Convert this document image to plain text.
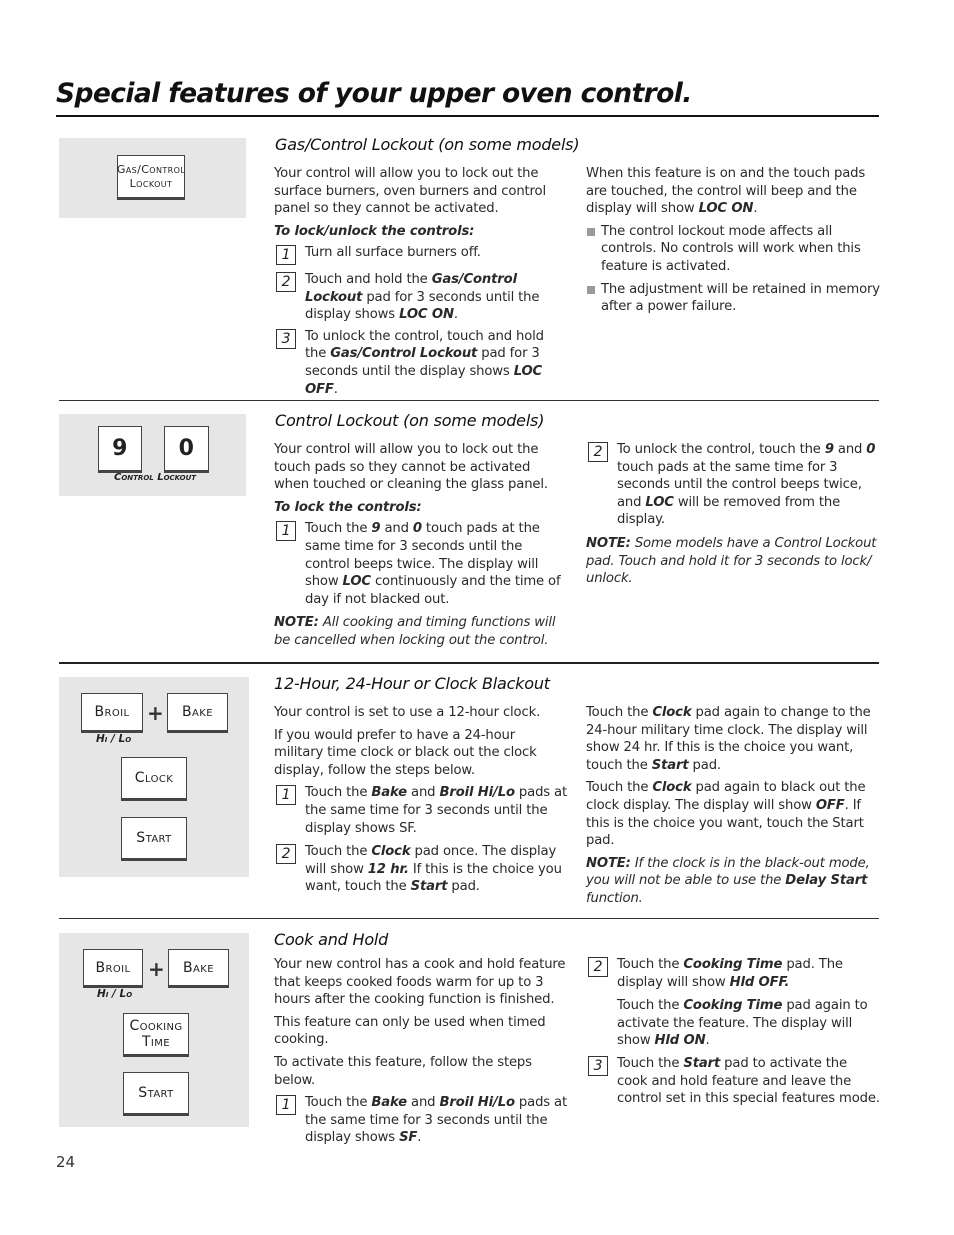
Special features of your upper oven control.
Gas/Control
Lockout
Gas/Control Lockout (on some models)

Your control will allow you to lock out the surface burners, oven burners and control panel so they cannot be activated.

To lock/unlock the controls:

1	Turn all surface burners off.
2	Touch and hold the Gas/Control Lockout pad for 3 seconds until the display shows LOC ON.
3	To unlock the control, touch and hold the Gas/Control Lockout pad for 3 seconds until the display shows LOC OFF.

When this feature is on and the touch pads are touched, the control will beep and the display will show LOC ON.

The control lockout mode affects all controls. No controls will work when this feature is activated.
The adjustment will be retained in memory after a power failure.
9	0
Control Lockout
Control Lockout (on some models)

Your control will allow you to lock out the touch pads so they cannot be activated when touched or cleaning the glass panel.

To lock the controls:

1	Touch the 9 and 0 touch pads at the same time for 3 seconds until the control beeps twice. The display will show LOC continuously and the time of day if not blacked out.

NOTE: All cooking and timing functions will be cancelled when locking out the control.

2	To unlock the control, touch the 9 and 0 touch pads at the same time for 3 seconds until the control beeps twice, and LOC will be removed from the display.

NOTE: Some models have a Control Lockout pad. Touch and hold it for 3 seconds to lock/ unlock.

Broil + Bake
Hi / Lo
Clock
Start
12-Hour, 24-Hour or Clock Blackout

Your control is set to use a 12-hour clock.

If you would prefer to have a 24-hour military time clock or black out the clock display, follow the steps below.

1	Touch the Bake and Broil Hi/Lo pads at the same time for 3 seconds until the display shows SF.
2	Touch the Clock pad once. The display will show 12 hr. If this is the choice you want, touch the Start pad.

Touch the Clock pad again to change to the 24-hour military time clock. The display will show 24 hr. If this is the choice you want, touch the Start pad.

Touch the Clock pad again to black out the clock display. The display will show OFF. If this is the choice you want, touch the Start pad.

NOTE: If the clock is in the black-out mode, you will not be able to use the Delay Start function.

Broil + Bake
Hi / Lo
Cooking
Time
Start
Cook and Hold

Your new control has a cook and hold feature that keeps cooked foods warm for up to 3 hours after the cooking function is finished.

This feature can only be used when timed cooking.

To activate this feature, follow the steps below.

1	Touch the Bake and Broil Hi/Lo pads at the same time for 3 seconds until the display shows SF.
2	Touch the Cooking Time pad. The display will show Hld OFF.

Touch the Cooking Time pad again to activate the feature. The display will show Hld ON.

3	Touch the Start pad to activate the cook and hold feature and leave the control set in this special features mode.
24
